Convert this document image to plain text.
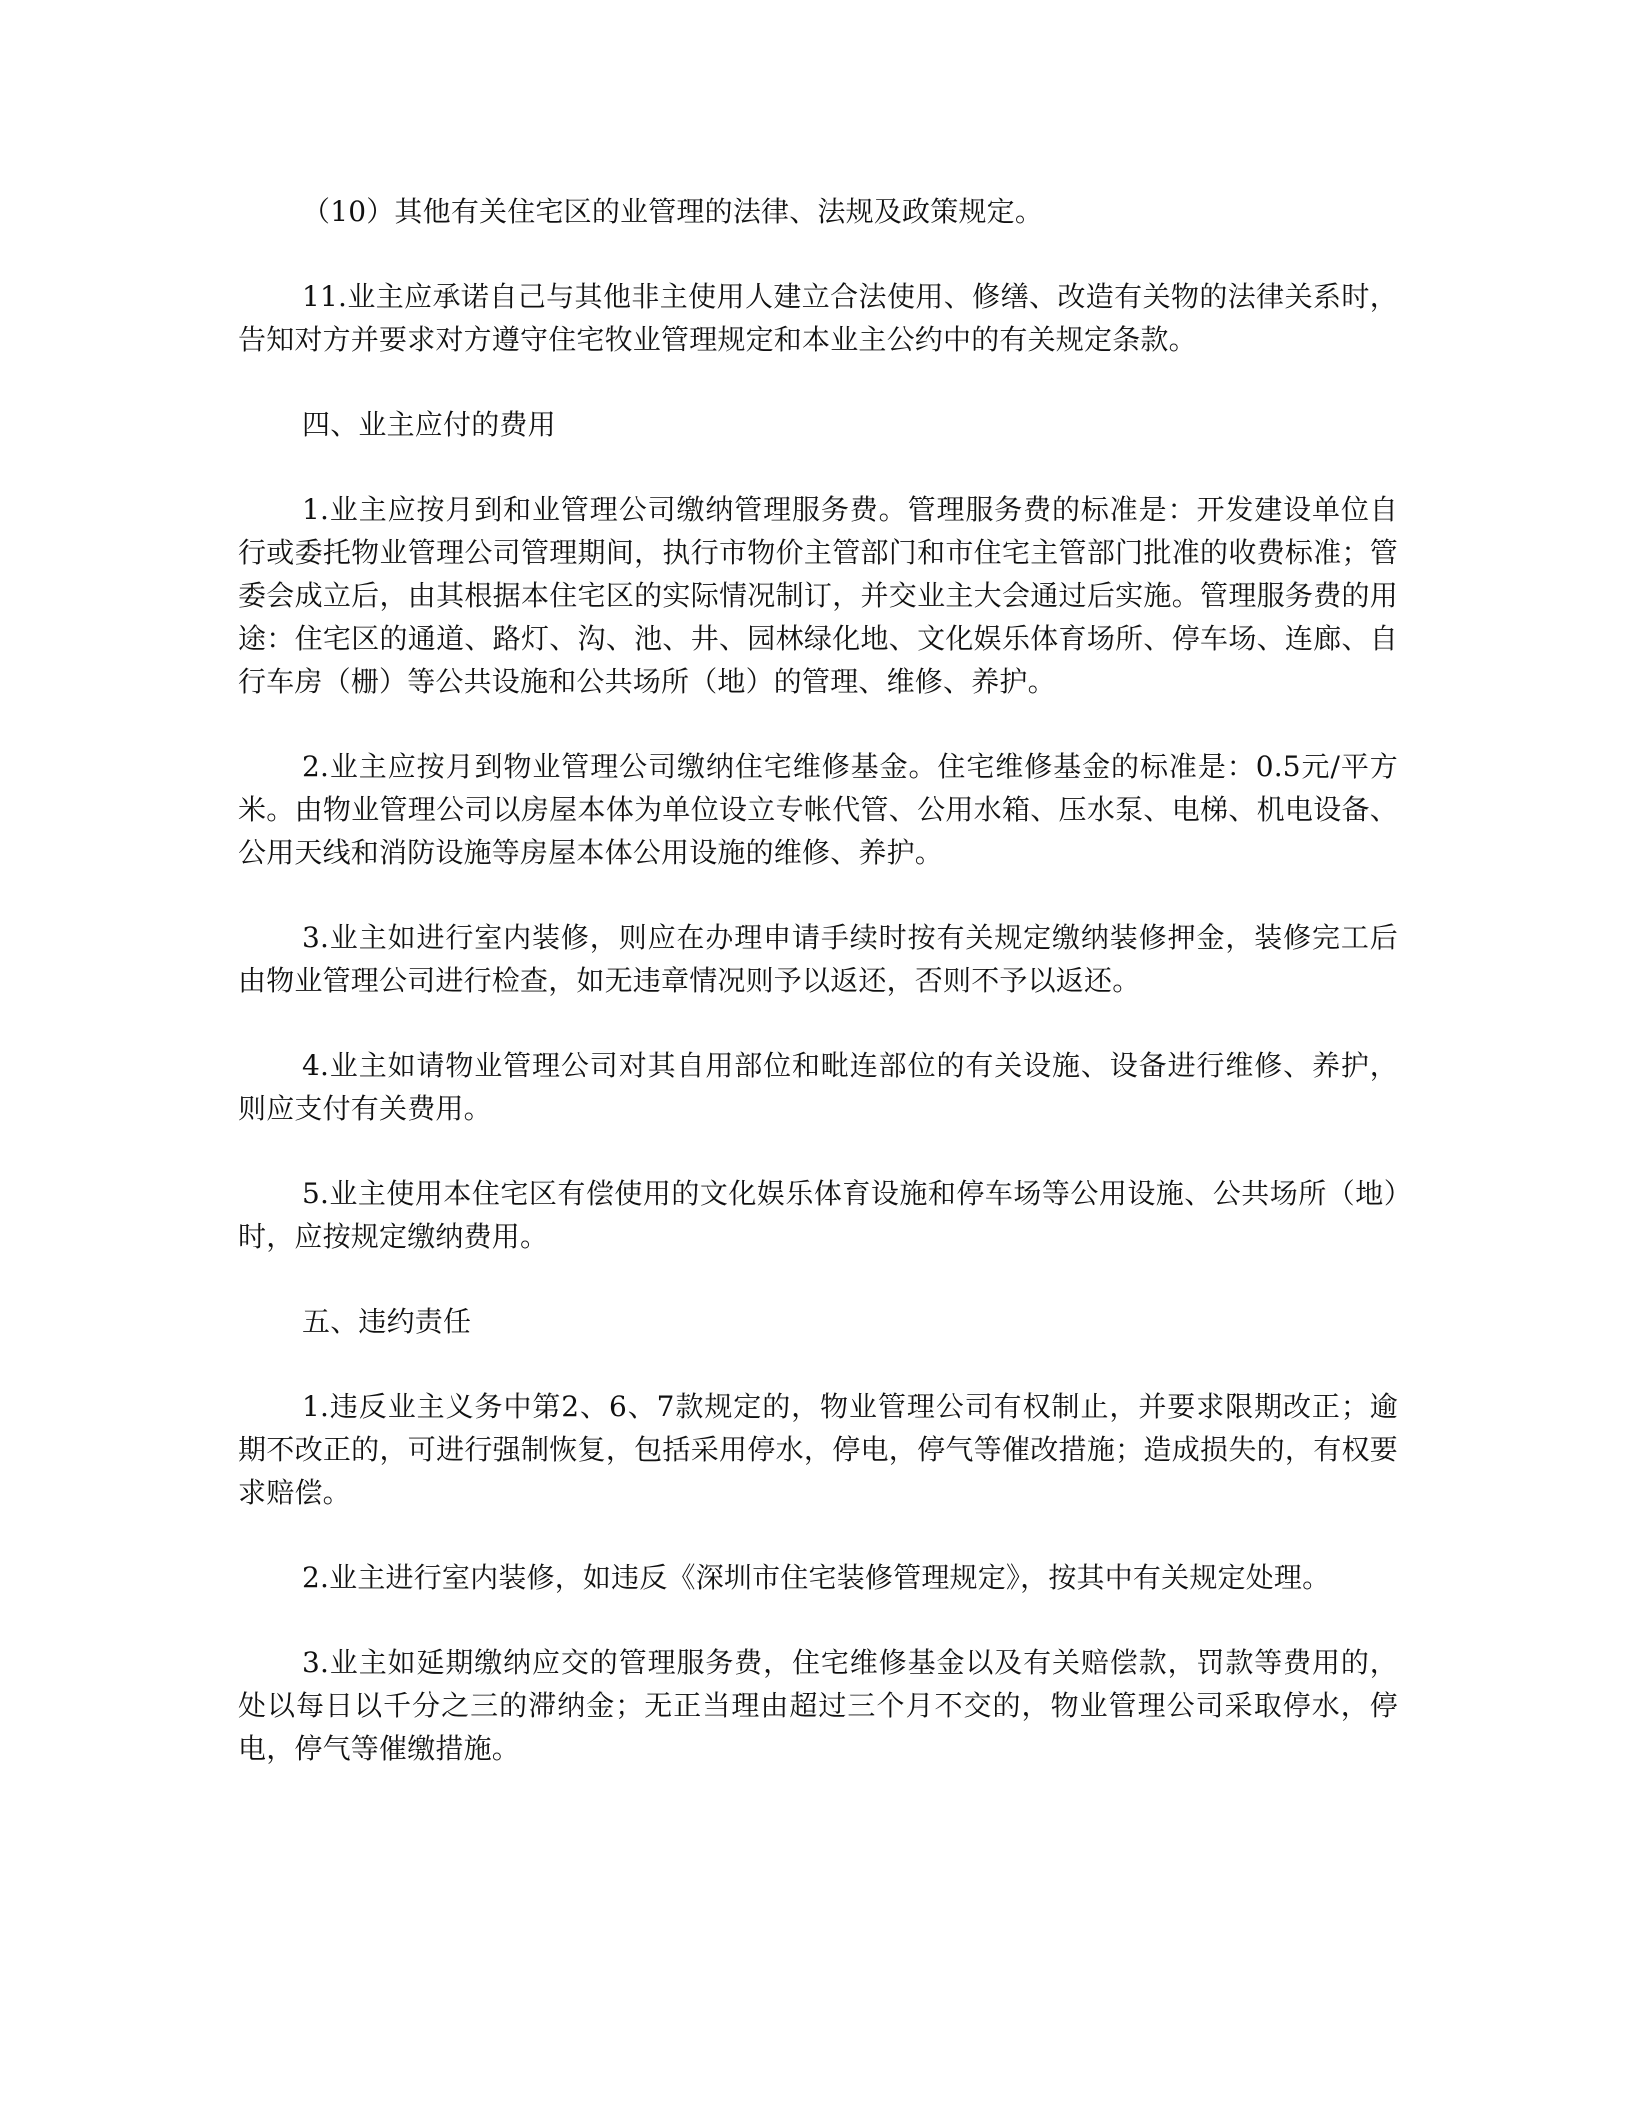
（10）其他有关住宅区的业管理的法律、法规及政策规定。

11.业主应承诺自己与其他非主使用人建立合法使用、修缮、改造有关物的法律关系时，告知对方并要求对方遵守住宅牧业管理规定和本业主公约中的有关规定条款。

四、业主应付的费用

1.业主应按月到和业管理公司缴纳管理服务费。管理服务费的标准是：开发建设单位自行或委托物业管理公司管理期间，执行市物价主管部门和市住宅主管部门批准的收费标准；管委会成立后，由其根据本住宅区的实际情况制订，并交业主大会通过后实施。管理服务费的用途：住宅区的通道、路灯、沟、池、井、园林绿化地、文化娱乐体育场所、停车场、连廊、自行车房（栅）等公共设施和公共场所（地）的管理、维修、养护。

2.业主应按月到物业管理公司缴纳住宅维修基金。住宅维修基金的标准是：0.5元/平方米。由物业管理公司以房屋本体为单位设立专帐代管、公用水箱、压水泵、电梯、机电设备、公用天线和消防设施等房屋本体公用设施的维修、养护。

3.业主如进行室内装修，则应在办理申请手续时按有关规定缴纳装修押金，装修完工后由物业管理公司进行检查，如无违章情况则予以返还，否则不予以返还。

4.业主如请物业管理公司对其自用部位和毗连部位的有关设施、设备进行维修、养护，则应支付有关费用。

5.业主使用本住宅区有偿使用的文化娱乐体育设施和停车场等公用设施、公共场所（地）时，应按规定缴纳费用。

五、违约责任

1.违反业主义务中第2、6、7款规定的，物业管理公司有权制止，并要求限期改正；逾期不改正的，可进行强制恢复，包括采用停水，停电，停气等催改措施；造成损失的，有权要求赔偿。

2.业主进行室内装修，如违反《深圳市住宅装修管理规定》，按其中有关规定处理。

3.业主如延期缴纳应交的管理服务费，住宅维修基金以及有关赔偿款，罚款等费用的，处以每日以千分之三的滞纳金；无正当理由超过三个月不交的，物业管理公司采取停水，停电，停气等催缴措施。
